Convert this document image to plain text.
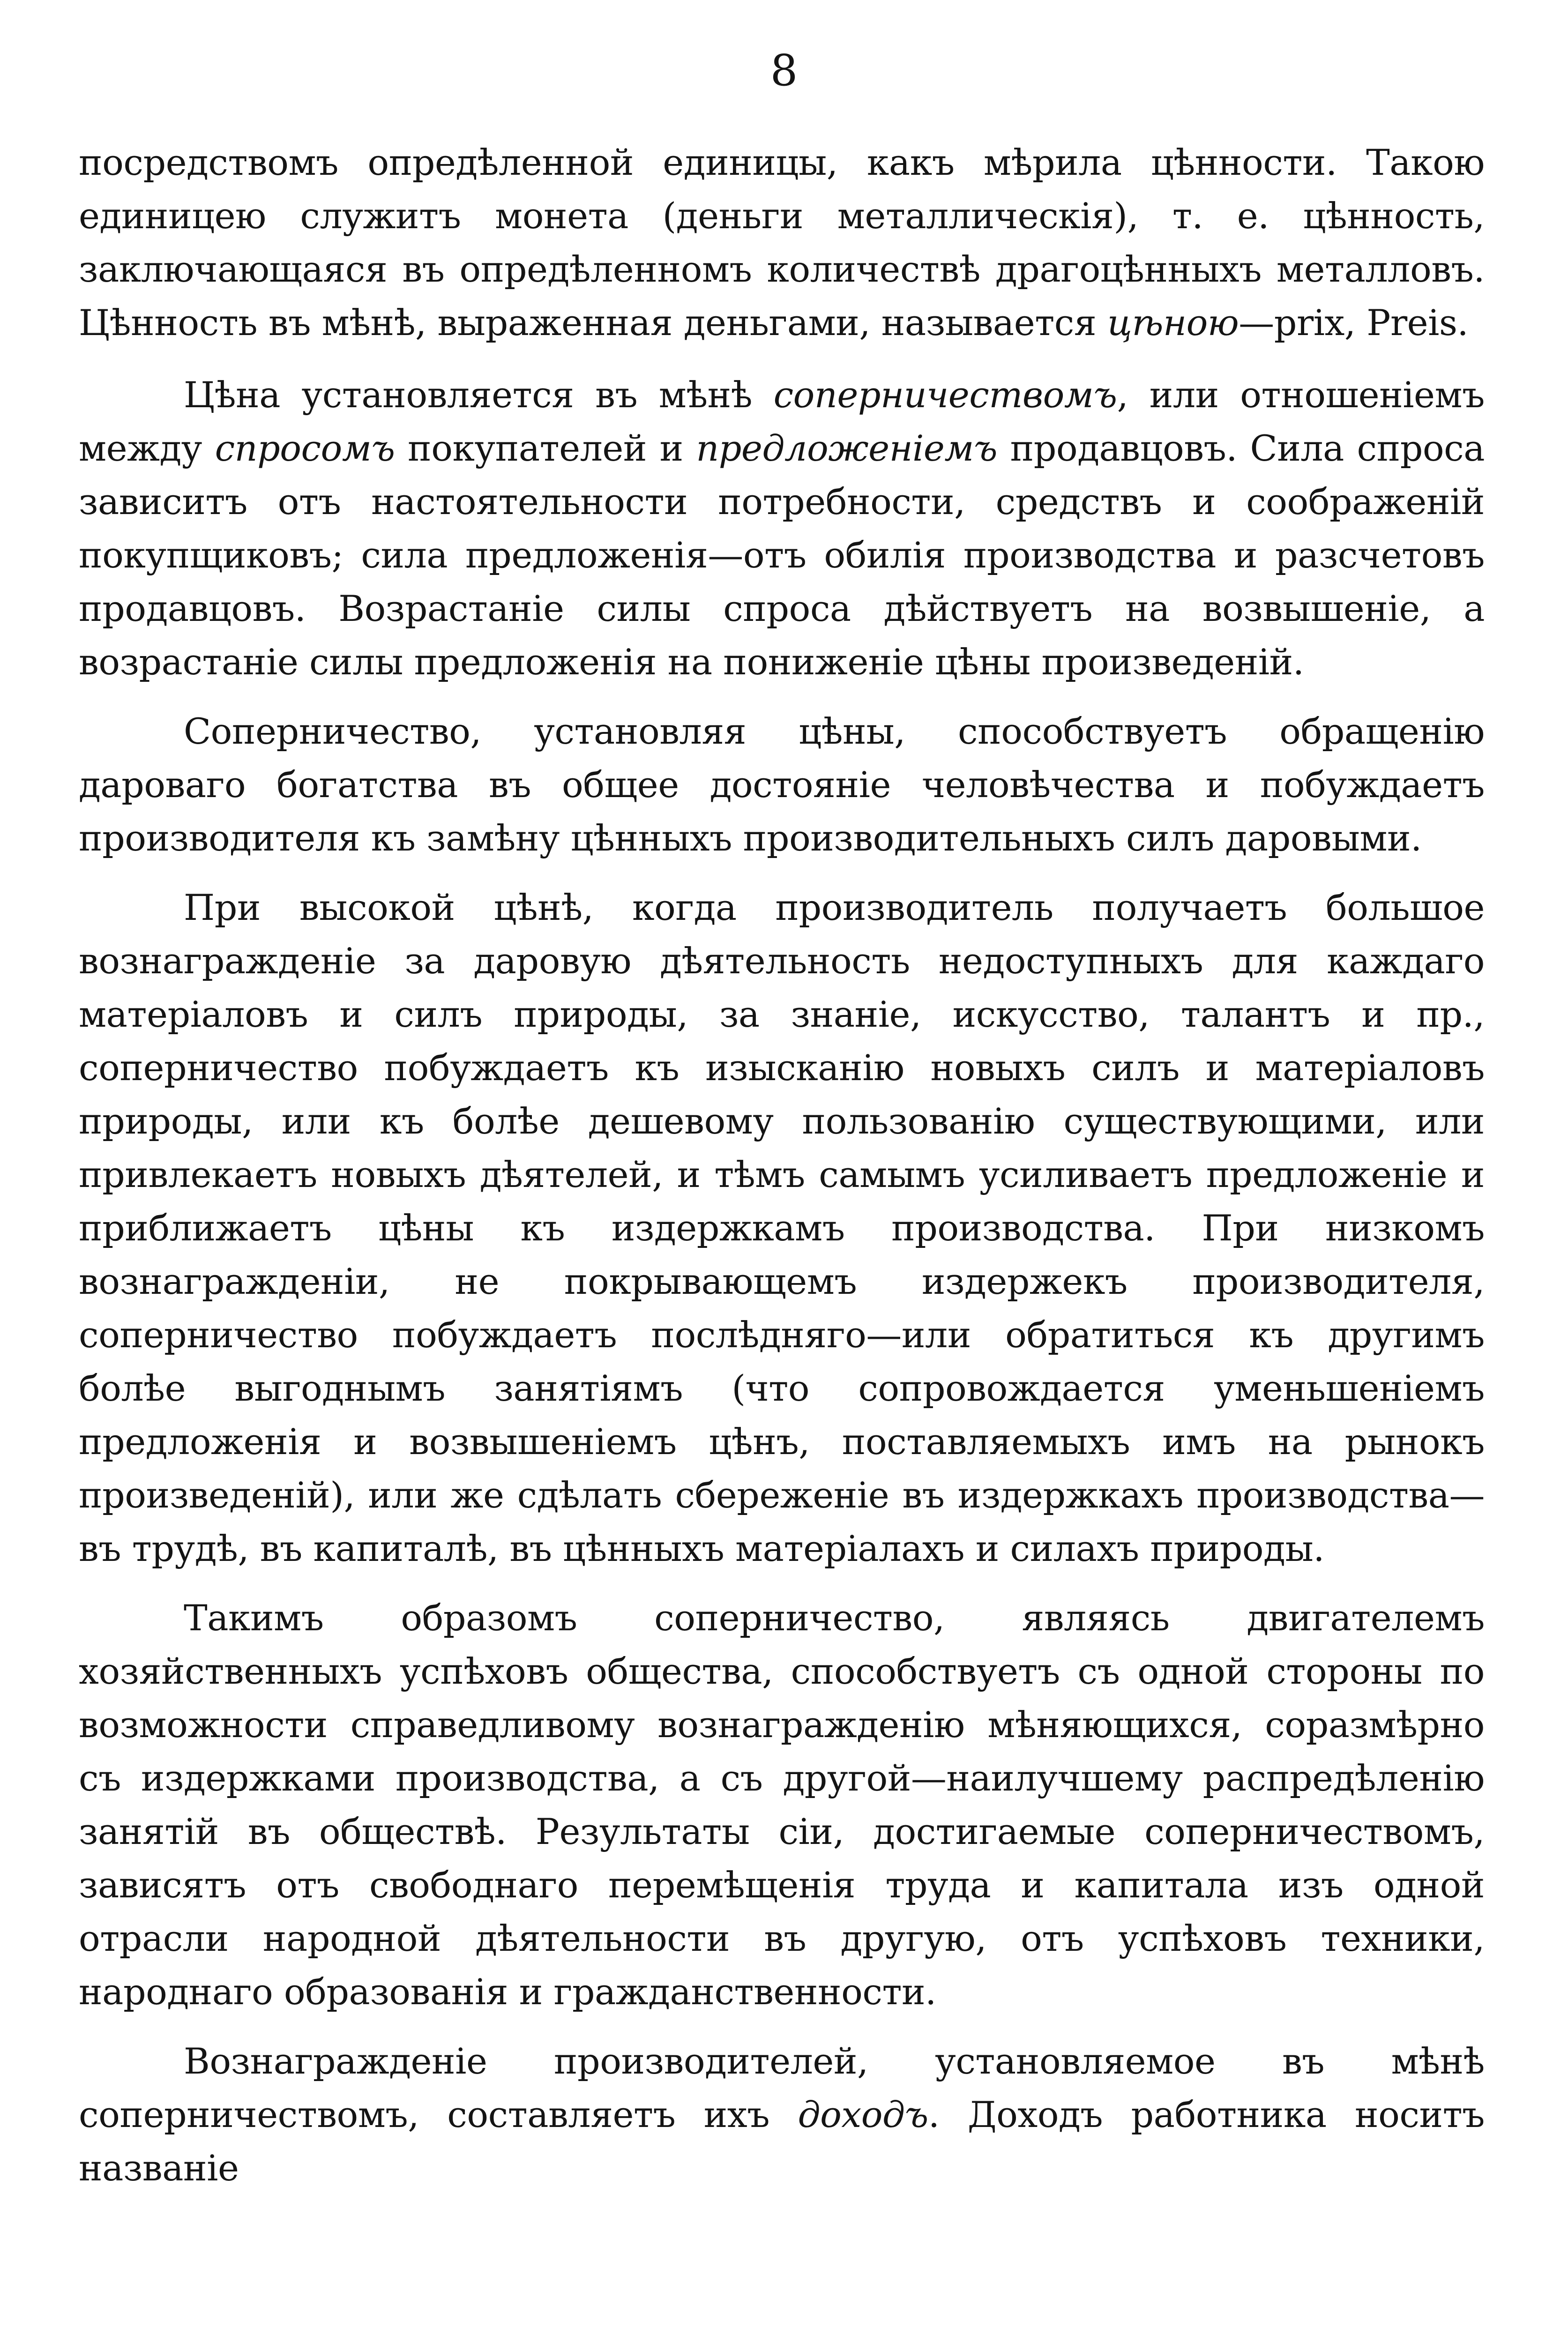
8

посредствомъ опредѣленной единицы, какъ мѣрила цѣнности. Такою единицею служитъ монета (деньги металлическія), т. е. цѣнность, заключающаяся въ опредѣленномъ количествѣ драгоцѣнныхъ металловъ. Цѣнность въ мѣнѣ, выраженная деньгами, называется цѣною—prix, Preis.

Цѣна установляется въ мѣнѣ соперничествомъ, или отношеніемъ между спросомъ покупателей и предложеніемъ продавцовъ. Сила спроса зависитъ отъ настоятельности потребности, средствъ и соображеній покупщиковъ; сила предложенія—отъ обилія производства и разсчетовъ продавцовъ. Возрастаніе силы спроса дѣйствуетъ на возвышеніе, а возрастаніе силы предложенія на пониженіе цѣны произведеній.

Соперничество, установляя цѣны, способствуетъ обращенію дароваго богатства въ общее достояніе человѣчества и побуждаетъ производителя къ замѣну цѣнныхъ производительныхъ силъ даровыми.

При высокой цѣнѣ, когда производитель получаетъ большое вознагражденіе за даровую дѣятельность недоступныхъ для каждаго матеріаловъ и силъ природы, за знаніе, искусство, талантъ и пр., соперничество побуждаетъ къ изысканію новыхъ силъ и матеріаловъ природы, или къ болѣе дешевому пользованію существующими, или привлекаетъ новыхъ дѣятелей, и тѣмъ самымъ усиливаетъ предложеніе и приближаетъ цѣны къ издержкамъ производства. При низкомъ вознагражденіи, не покрывающемъ издержекъ производителя, соперничество побуждаетъ послѣдняго—или обратиться къ другимъ болѣе выгоднымъ занятіямъ (что сопровождается уменьшеніемъ предложенія и возвышеніемъ цѣнъ, поставляемыхъ имъ на рынокъ произведеній), или же сдѣлать сбереженіе въ издержкахъ производства—въ трудѣ, въ капиталѣ, въ цѣнныхъ матеріалахъ и силахъ природы.

Такимъ образомъ соперничество, являясь двигателемъ хозяйственныхъ успѣховъ общества, способствуетъ съ одной стороны по возможности справедливому вознагражденію мѣняющихся, соразмѣрно съ издержками производства, а съ другой—наилучшему распредѣленію занятій въ обществѣ. Результаты сіи, достигаемые соперничествомъ, зависятъ отъ свободнаго перемѣщенія труда и капитала изъ одной отрасли народной дѣятельности въ другую, отъ успѣховъ техники, народнаго образованія и гражданственности.

Вознагражденіе производителей, установляемое въ мѣнѣ соперничествомъ, составляетъ ихъ доходъ. Доходъ работника носитъ названіе
